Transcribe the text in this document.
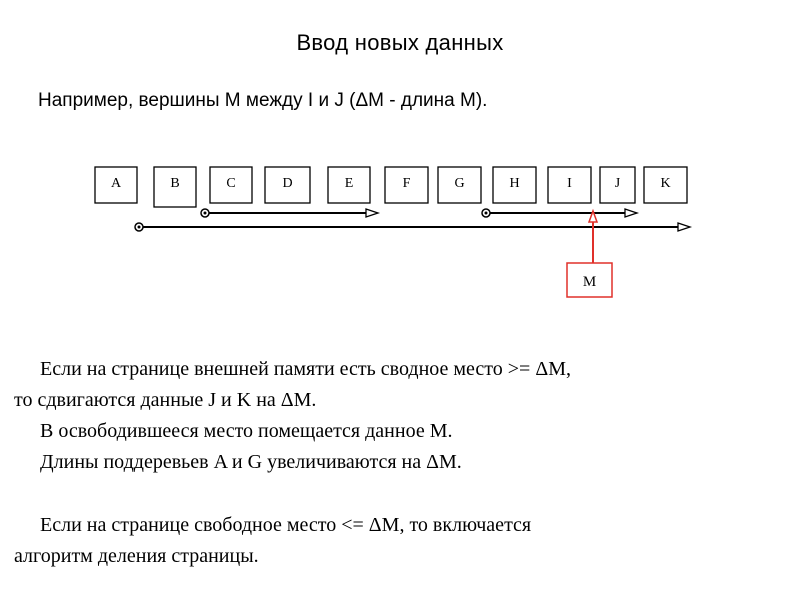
Ввод новых данных
Например, вершины М между I и J (ΔМ - длина М).
A	B	C	D	E	F	G	H	I	J	K
M
Если на странице внешней памяти есть сводное место >= ΔМ,
то сдвигаются данные J и K на ΔМ.
В освободившееся место помещается данное М.
Длины поддеревьев A и G увеличиваются на ΔМ.
Если на странице свободное место <= ΔМ, то включается
алгоритм деления страницы.
